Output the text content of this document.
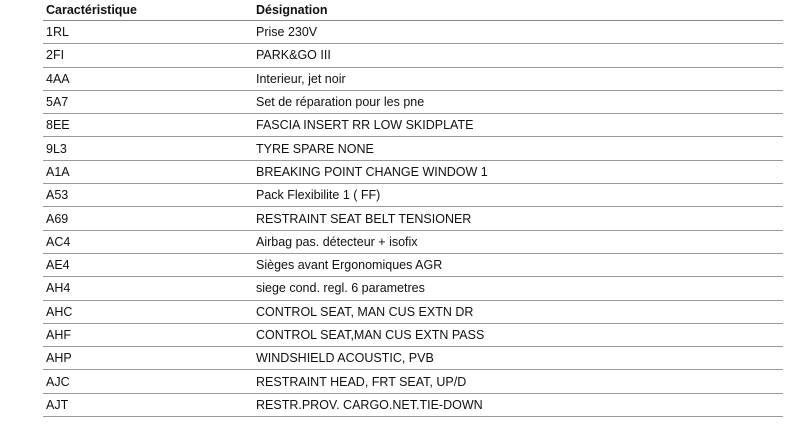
Caractéristique	Désignation
1RL	Prise 230V
2FI	PARK&GO III
4AA	Interieur, jet noir
5A7	Set de réparation pour les pne
8EE	FASCIA INSERT RR LOW SKIDPLATE
9L3	TYRE SPARE NONE
A1A	BREAKING POINT CHANGE WINDOW 1
A53	Pack Flexibilite 1 ( FF)
A69	RESTRAINT SEAT BELT TENSIONER
AC4	Airbag pas. détecteur + isofix
AE4	Sièges avant Ergonomiques AGR
AH4	siege cond. regl. 6 parametres
AHC	CONTROL SEAT, MAN CUS EXTN DR
AHF	CONTROL SEAT,MAN CUS EXTN PASS
AHP	WINDSHIELD ACOUSTIC, PVB
AJC	RESTRAINT HEAD, FRT SEAT, UP/D
AJT	RESTR.PROV. CARGO.NET.TIE-DOWN
